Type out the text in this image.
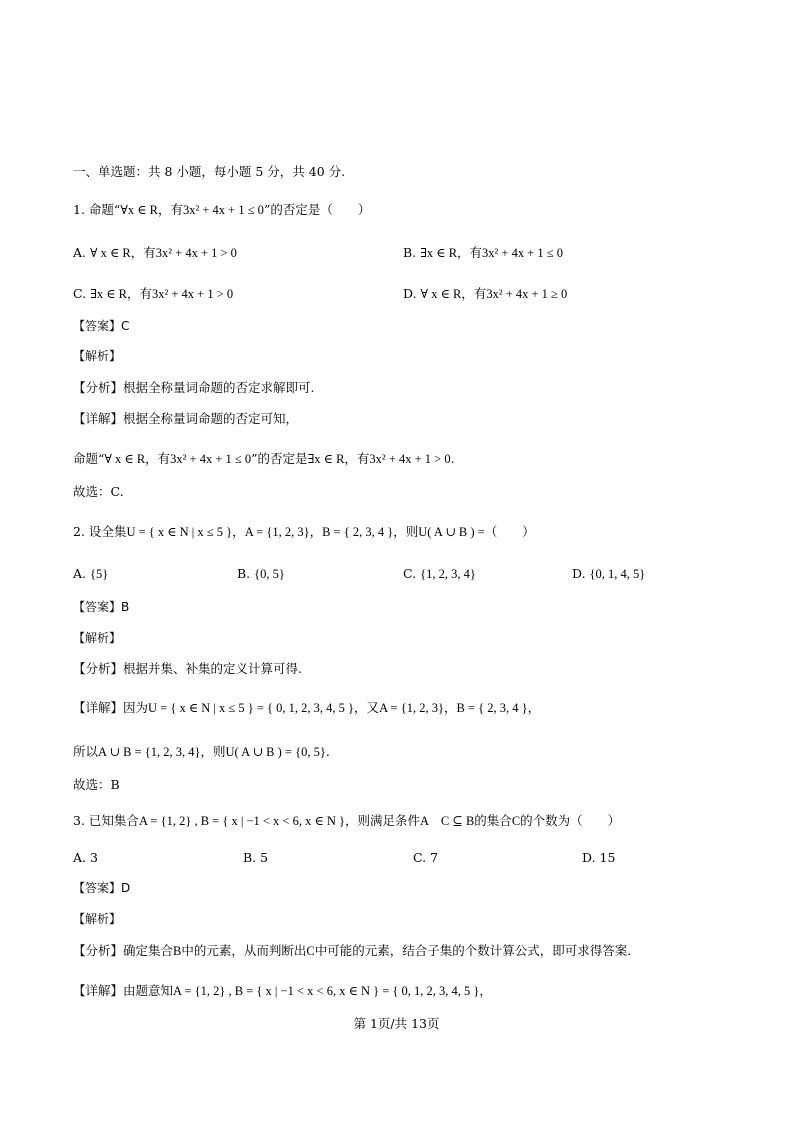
一、单选题：共 8 小题，每小题 5 分，共 40 分.
1. 命题“∀x ∈ R，有3x² + 4x + 1 ≤ 0”的否定是（　　）
A. ∀ x ∈ R，有3x² + 4x + 1 > 0	B. ∃x ∈ R，有3x² + 4x + 1 ≤ 0
C. ∃x ∈ R，有3x² + 4x + 1 > 0	D. ∀ x ∈ R，有3x² + 4x + 1 ≥ 0
【答案】C
【解析】
【分析】根据全称量词命题的否定求解即可.
【详解】根据全称量词命题的否定可知，
命题“∀ x ∈ R，有3x² + 4x + 1 ≤ 0”的否定是∃x ∈ R，有3x² + 4x + 1 > 0.
故选：C.
2. 设全集U = { x ∈ N | x ≤ 5 }，A = {1, 2, 3}，B = { 2, 3, 4 }，则U( A ∪ B ) =（　　）
A. {5}	B. {0, 5}	C. {1, 2, 3, 4}	D. {0, 1, 4, 5}
【答案】B
【解析】
【分析】根据并集、补集的定义计算可得.
【详解】因为U = { x ∈ N | x ≤ 5 } = { 0, 1, 2, 3, 4, 5 }，又A = {1, 2, 3}，B = { 2, 3, 4 }，
所以A ∪ B = {1, 2, 3, 4}，则U( A ∪ B ) = {0, 5}.
故选：B
3. 已知集合A = {1, 2} , B = { x | −1 < x < 6, x ∈ N }，则满足条件A　C ⊆ B的集合C的个数为（　　）
A. 3	B. 5	C. 7	D. 15
【答案】D
【解析】
【分析】确定集合B中的元素，从而判断出C中可能的元素，结合子集的个数计算公式，即可求得答案.
【详解】由题意知A = {1, 2} , B = { x | −1 < x < 6, x ∈ N } = { 0, 1, 2, 3, 4, 5 }，
第 1页/共 13页
